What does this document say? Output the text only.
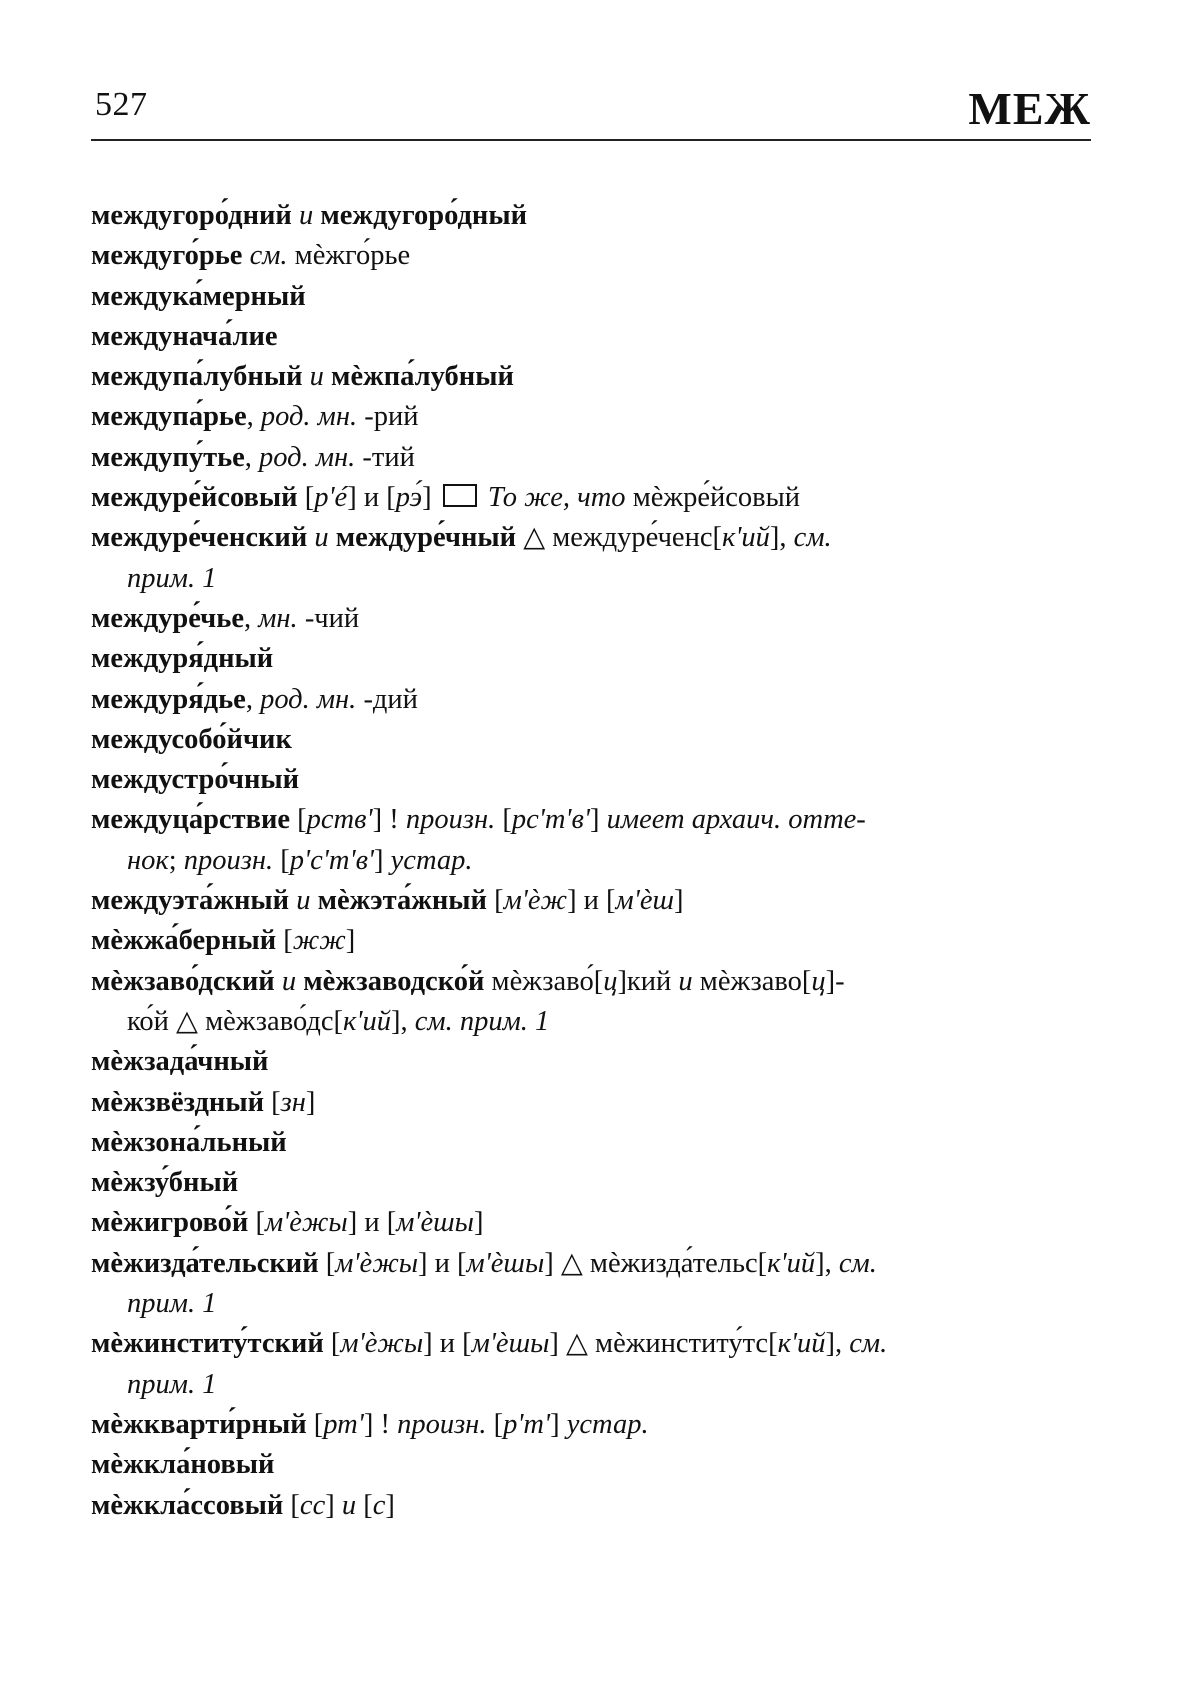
527	МЕЖ
междугоро́дний и междугоро́дный
междуго́рье см. мѐжго́рье
междука́мерный
междунача́лие
междупа́лубный и мѐжпа́лубный
междупа́рье, род. мн. -рий
междупу́тье, род. мн. -тий
междуре́йсовый [р'é] и [рэ́]  То же, что мѐжре́йсовый
междуре́ченский и междуре́чный △ междуре́ченс[к'ий], см.
прим. 1
междуре́чье, мн. -чий
междуря́дный
междуря́дье, род. мн. -дий
междусобо́йчик
междустро́чный
междуца́рствие [рств'] ! произн. [рс'т'в'] имеет архаич. отте-
нок; произн. [р'с'т'в'] устар.
междуэта́жный и мѐжэта́жный [м'ѐж] и [м'ѐш]
мѐжжа́берный [жж]
мѐжзаво́дский и мѐжзаводско́й мѐжзаво́[ц]кий и мѐжзаво[ц]-
ко́й △ мѐжзаво́дс[к'ий], см. прим. 1
мѐжзада́чный
мѐжзвёздный [зн]
мѐжзона́льный
мѐжзу́бный
мѐжигрово́й [м'ѐжы] и [м'ѐшы]
мѐжизда́тельский [м'ѐжы] и [м'ѐшы] △ мѐжизда́тельс[к'ий], см.
прим. 1
мѐжинститу́тский [м'ѐжы] и [м'ѐшы] △ мѐжинститу́тс[к'ий], см.
прим. 1
мѐжкварти́рный [рт'] ! произн. [р'т'] устар.
мѐжкла́новый
мѐжкла́ссовый [сс] и [с]
